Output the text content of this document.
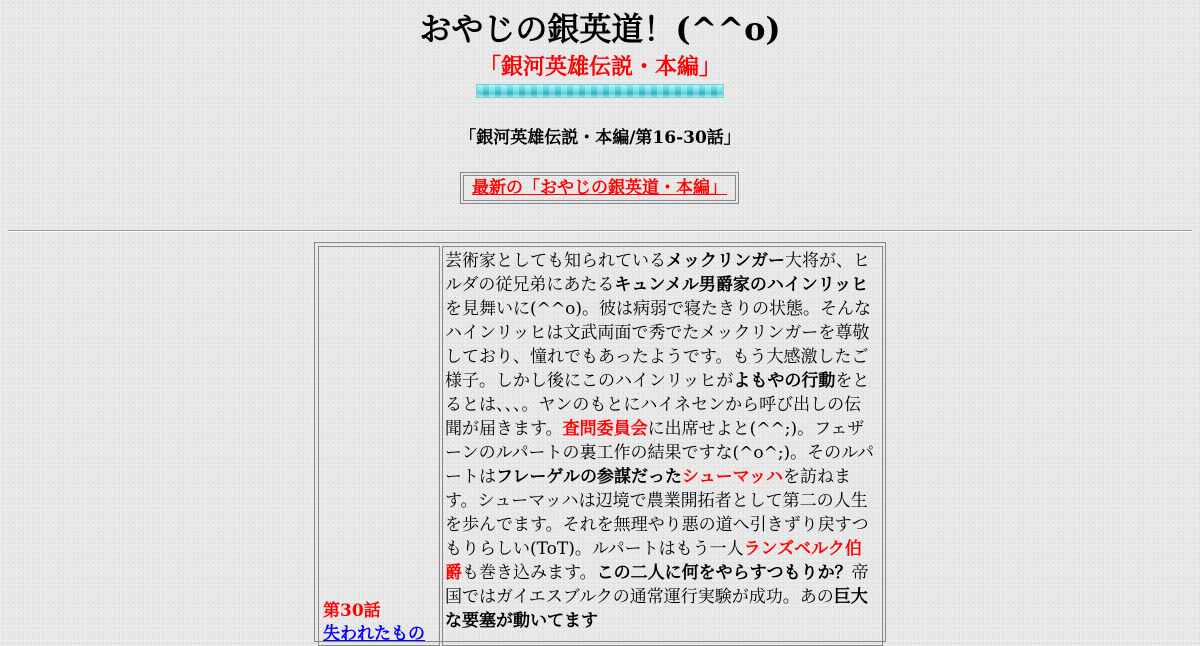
おやじの銀英道！(^^o)
「銀河英雄伝説・本編」
「銀河英雄伝説・本編/第16-30話」
最新の「おやじの銀英道・本編」
第30話
失われたもの

芸術家としても知られているメックリンガー大将が、ヒルダの従兄弟にあたるキュンメル男爵家のハインリッヒを見舞いに(^^o)。彼は病弱で寝たきりの状態。そんなハインリッヒは文武両面で秀でたメックリンガーを尊敬しており、憧れでもあったようです。もう大感激したご様子。しかし後にこのハインリッヒがよもやの行動をとるとは、、、。ヤンのもとにハイネセンから呼び出しの伝聞が届きます。査問委員会に出席せよと(^^;)。フェザーンのルパートの裏工作の結果ですな(^o^;)。そのルパートはフレーゲルの参謀だったシューマッハを訪ねます。シューマッハは辺境で農業開拓者として第二の人生を歩んでます。それを無理やり悪の道へ引きずり戻すつもりらしい(ToT)。ルパートはもう一人ランズベルク伯爵も巻き込みます。この二人に何をやらすつもりか？帝国ではガイエスブルクの通常運行実験が成功。あの巨大な要塞が動いてます
